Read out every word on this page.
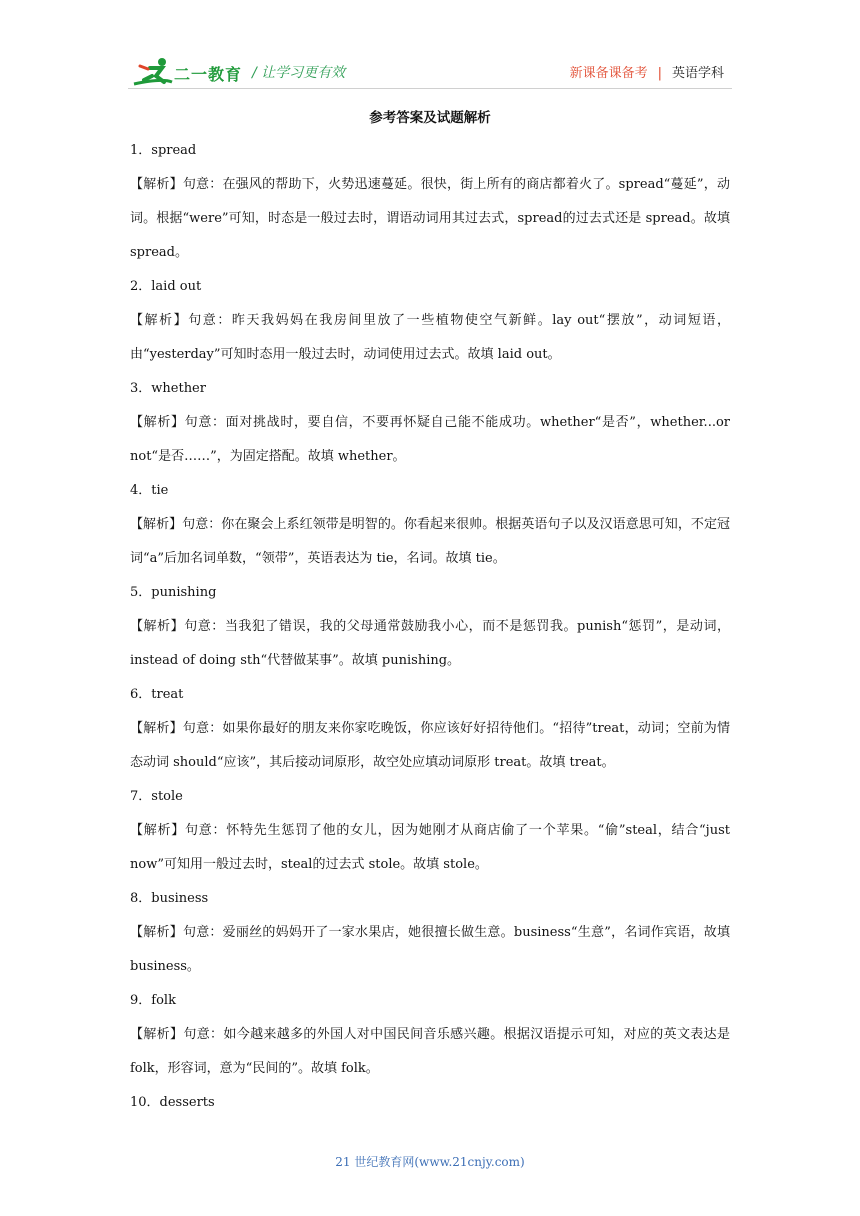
二一教育 / 让学习更有效	新课备课备考 | 英语学科
参考答案及试题解析
1．spread
【解析】句意：在强风的帮助下，火势迅速蔓延。很快，街上所有的商店都着火了。spread“蔓延”，动词。根据“were”可知，时态是一般过去时，谓语动词用其过去式，spread的过去式还是 spread。故填 spread。
2．laid out
【解析】句意：昨天我妈妈在我房间里放了一些植物使空气新鲜。lay out“摆放”，动词短语，由“yesterday”可知时态用一般过去时，动词使用过去式。故填 laid out。
3．whether
【解析】句意：面对挑战时，要自信，不要再怀疑自己能不能成功。whether“是否”，whether...or not“是否……”，为固定搭配。故填 whether。
4．tie
【解析】句意：你在聚会上系红领带是明智的。你看起来很帅。根据英语句子以及汉语意思可知，不定冠词“a”后加名词单数，“领带”，英语表达为 tie，名词。故填 tie。
5．punishing
【解析】句意：当我犯了错误，我的父母通常鼓励我小心，而不是惩罚我。punish“惩罚”，是动词，instead of doing sth“代替做某事”。故填 punishing。
6．treat
【解析】句意：如果你最好的朋友来你家吃晚饭，你应该好好招待他们。“招待”treat，动词；空前为情态动词 should“应该”，其后接动词原形，故空处应填动词原形 treat。故填 treat。
7．stole
【解析】句意：怀特先生惩罚了他的女儿，因为她刚才从商店偷了一个苹果。“偷”steal，结合“just now”可知用一般过去时，steal的过去式 stole。故填 stole。
8．business
【解析】句意：爱丽丝的妈妈开了一家水果店，她很擅长做生意。business“生意”，名词作宾语，故填 business。
9．folk
【解析】句意：如今越来越多的外国人对中国民间音乐感兴趣。根据汉语提示可知，对应的英文表达是 folk，形容词，意为“民间的”。故填 folk。
10．desserts
21 世纪教育网(www.21cnjy.com)
